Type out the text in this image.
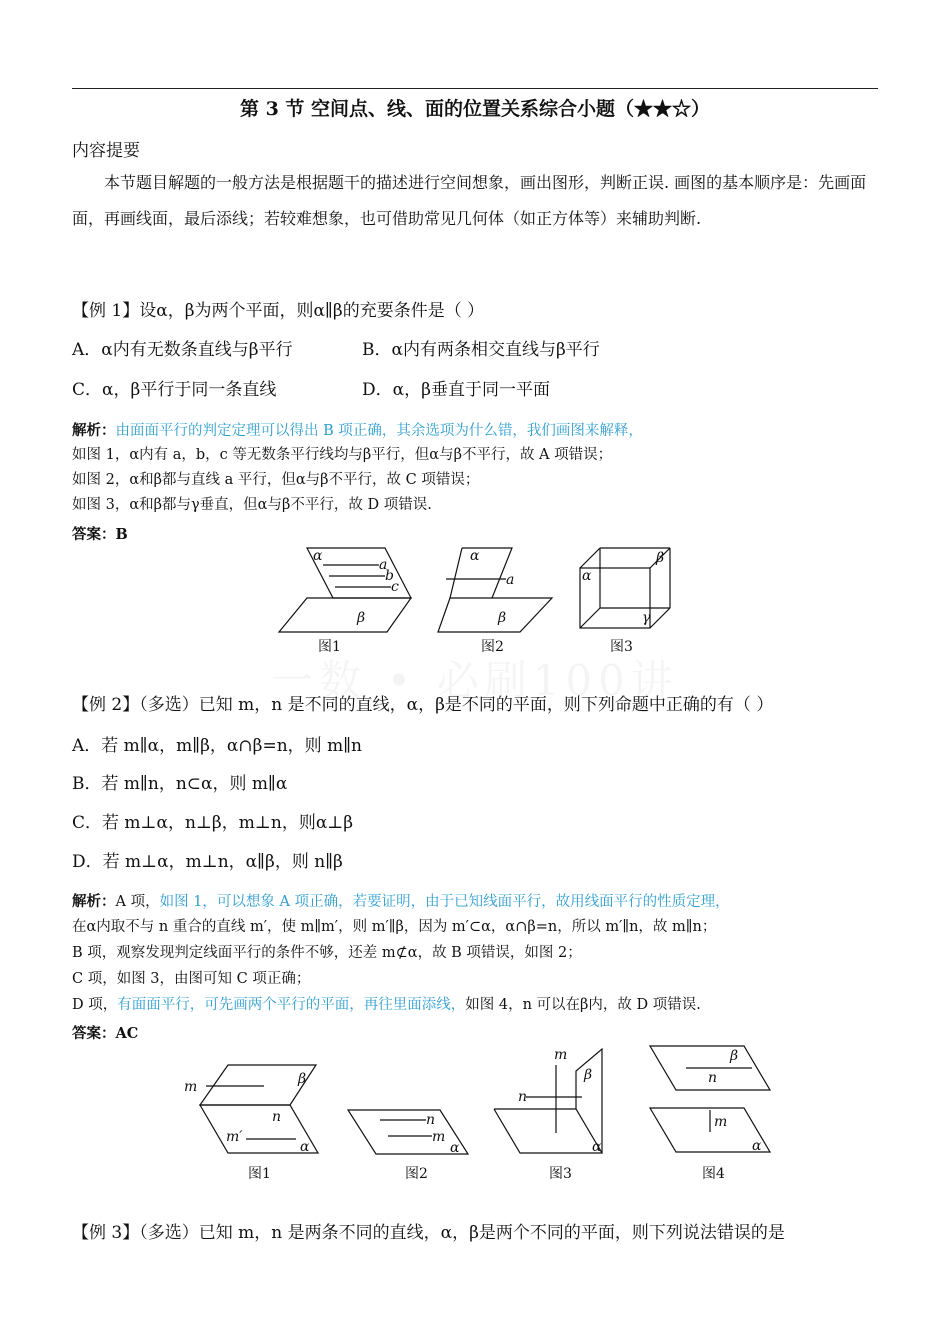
第 3 节 空间点、线、面的位置关系综合小题（★★☆）
内容提要
本节题目解题的一般方法是根据题干的描述进行空间想象，画出图形，判断正误. 画图的基本顺序是：先画面面，再画线面，最后添线；若较难想象，也可借助常见几何体（如正方体等）来辅助判断.
【例 1】设α，β为两个平面，则α∥β的充要条件是（ ）
A．α内有无数条直线与β平行	B．α内有两条相交直线与β平行
C．α，β平行于同一条直线	D．α，β垂直于同一平面
解析：由面面平行的判定定理可以得出 B 项正确，其余选项为什么错，我们画图来解释，
如图 1，α内有 a，b，c 等无数条平行线均与β平行，但α与β不平行，故 A 项错误；
如图 2，α和β都与直线 a 平行，但α与β不平行，故 C 项错误；
如图 3，α和β都与γ垂直，但α与β不平行，故 D 项错误.
答案：B
α
a
b
c
β
图1
α
a
β
图2
α
β
γ
图3
【例 2】（多选）已知 m，n 是不同的直线，α，β是不同的平面，则下列命题中正确的有（ ）
A．若 m∥α，m∥β，α∩β=n，则 m∥n
B．若 m∥n，n⊂α，则 m∥α
C．若 m⊥α，n⊥β，m⊥n，则α⊥β
D．若 m⊥α，m⊥n，α∥β，则 n∥β
解析：A 项，如图 1，可以想象 A 项正确，若要证明，由于已知线面平行，故用线面平行的性质定理，
在α内取不与 n 重合的直线 m′，使 m∥m′，则 m′∥β，因为 m′⊂α，α∩β=n，所以 m′∥n，故 m∥n；
B 项，观察发现判定线面平行的条件不够，还差 m⊄α，故 B 项错误，如图 2；
C 项，如图 3，由图可知 C 项正确；
D 项，有面面平行，可先画两个平行的平面，再往里面添线，如图 4，n 可以在β内，故 D 项错误.
答案：AC
m	β
n
m′
α
图1
n
m
α
图2
m
β
n
α
图3
β
n
m
α
图4
【例 3】（多选）已知 m，n 是两条不同的直线，α，β是两个不同的平面，则下列说法错误的是
